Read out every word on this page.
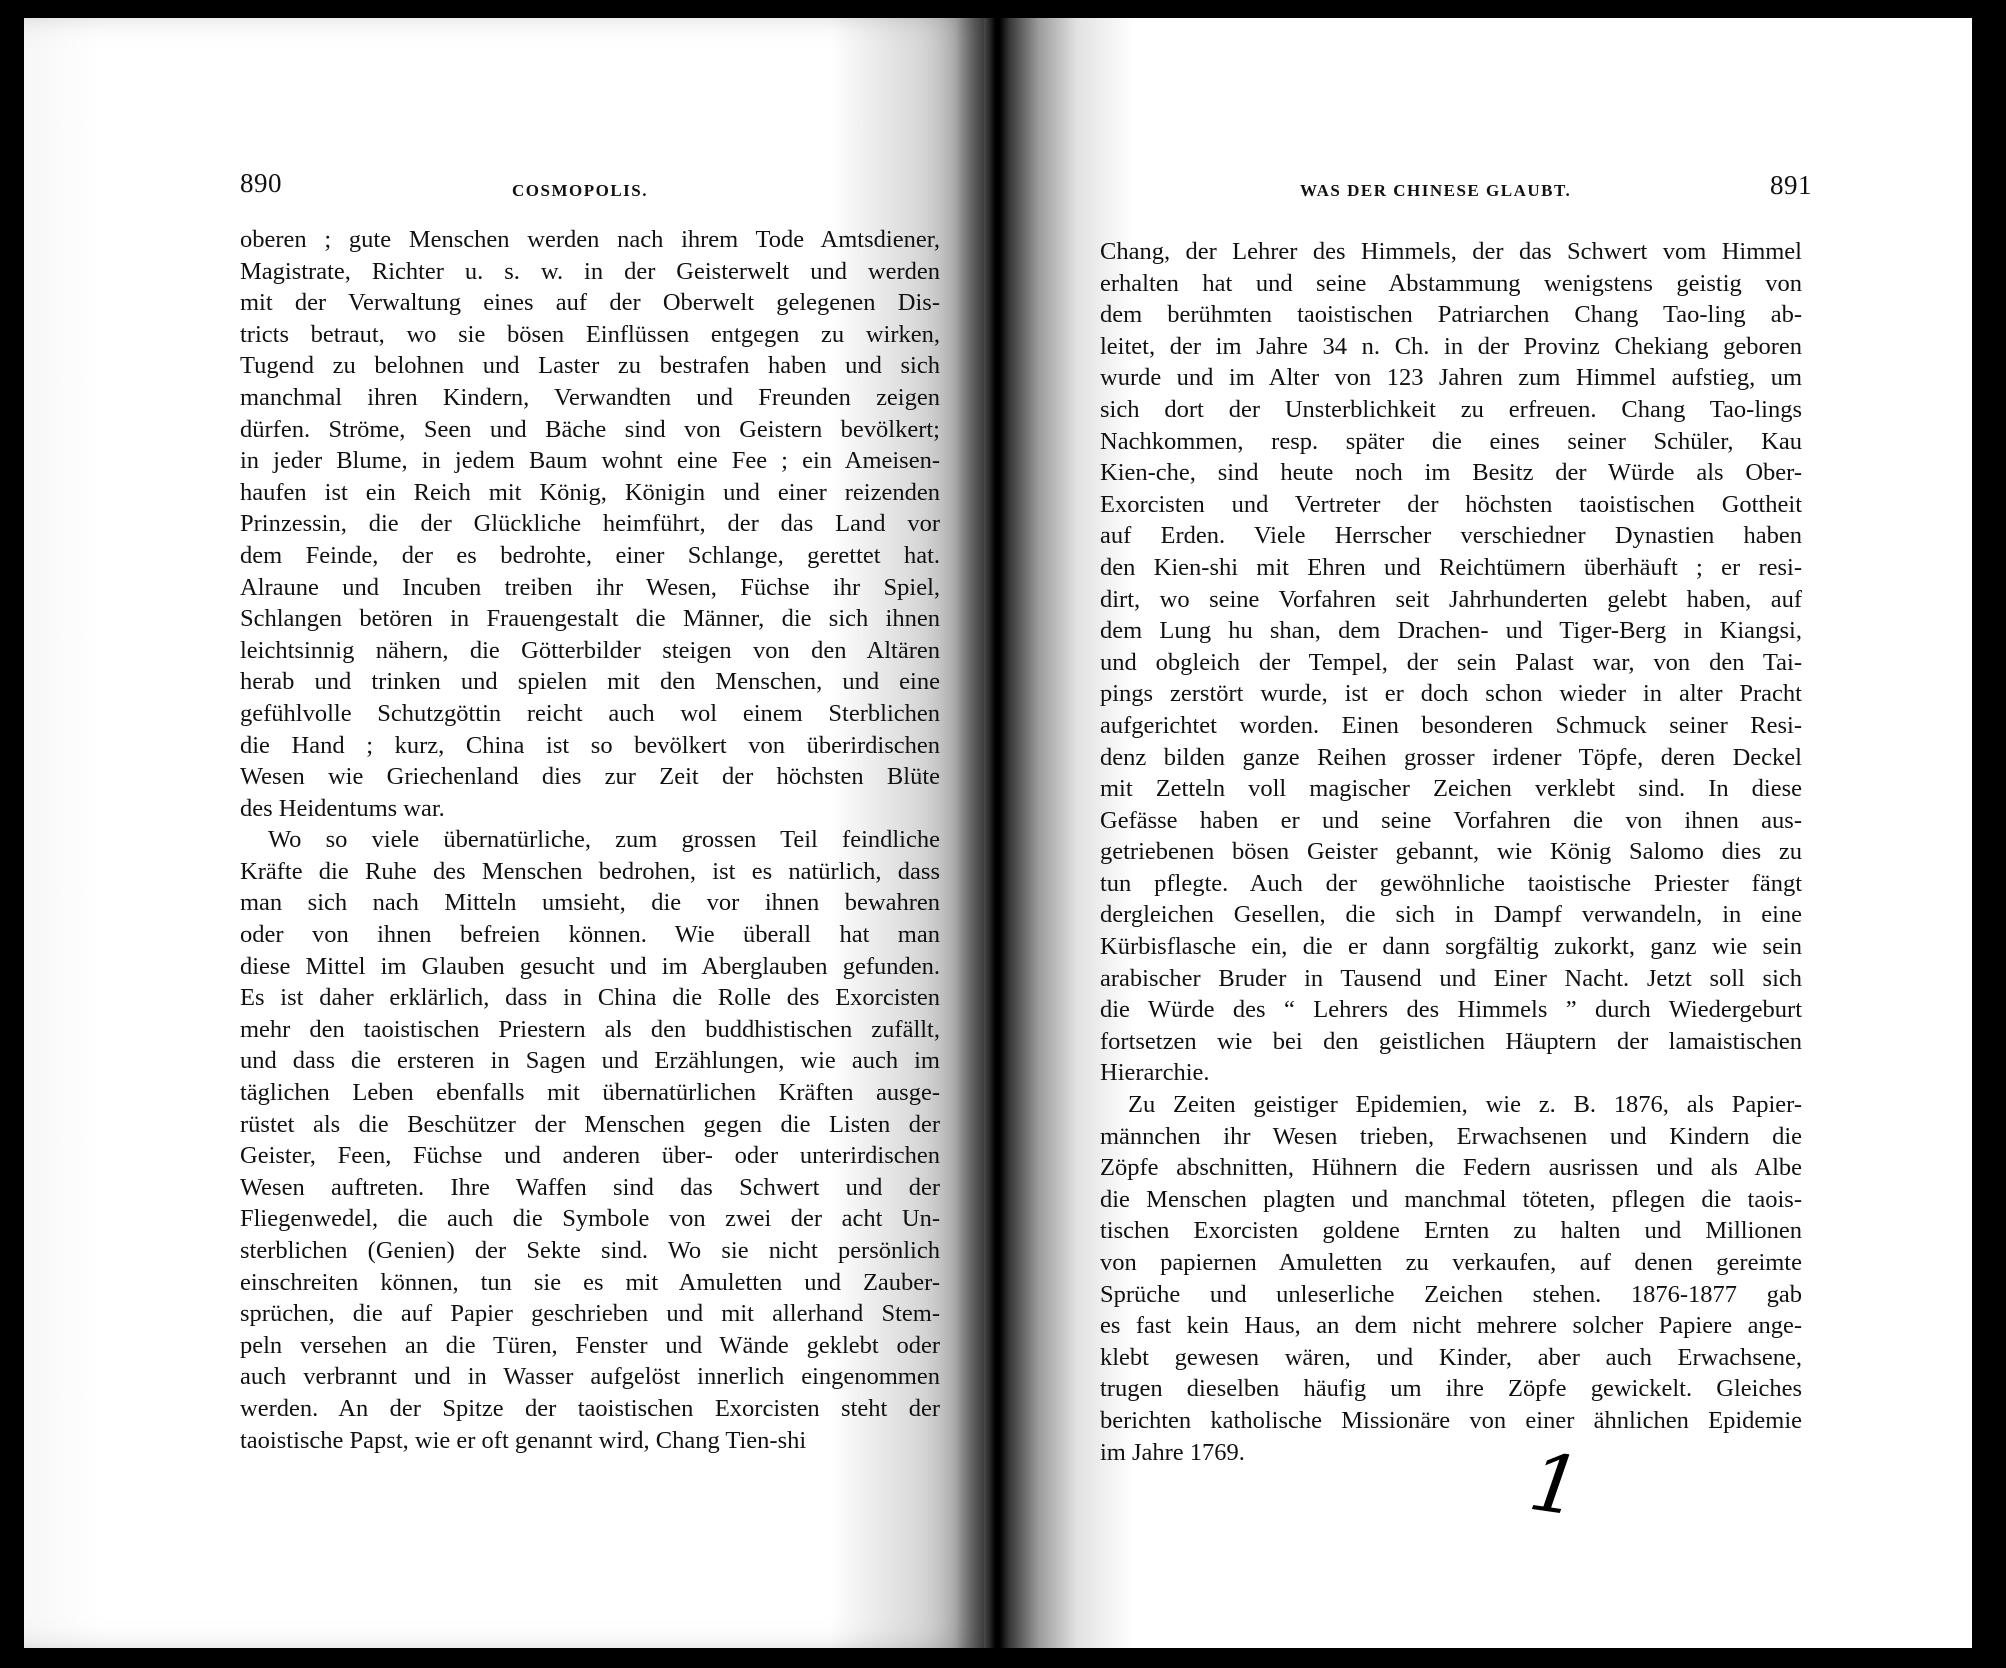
890	COSMOPOLIS.
oberen ; gute Menschen werden nach ihrem Tode Amtsdiener,
Magistrate, Richter u. s. w. in der Geisterwelt und werden
mit der Verwaltung eines auf der Oberwelt gelegenen Dis-
tricts betraut, wo sie bösen Einflüssen entgegen zu wirken,
Tugend zu belohnen und Laster zu bestrafen haben und sich
manchmal ihren Kindern, Verwandten und Freunden zeigen
dürfen. Ströme, Seen und Bäche sind von Geistern bevölkert;
in jeder Blume, in jedem Baum wohnt eine Fee ; ein Ameisen-
haufen ist ein Reich mit König, Königin und einer reizenden
Prinzessin, die der Glückliche heimführt, der das Land vor
dem Feinde, der es bedrohte, einer Schlange, gerettet hat.
Alraune und Incuben treiben ihr Wesen, Füchse ihr Spiel,
Schlangen betören in Frauengestalt die Männer, die sich ihnen
leichtsinnig nähern, die Götterbilder steigen von den Altären
herab und trinken und spielen mit den Menschen, und eine
gefühlvolle Schutzgöttin reicht auch wol einem Sterblichen
die Hand ; kurz, China ist so bevölkert von überirdischen
Wesen wie Griechenland dies zur Zeit der höchsten Blüte
des Heidentums war.
Wo so viele übernatürliche, zum grossen Teil feindliche
Kräfte die Ruhe des Menschen bedrohen, ist es natürlich, dass
man sich nach Mitteln umsieht, die vor ihnen bewahren
oder von ihnen befreien können. Wie überall hat man
diese Mittel im Glauben gesucht und im Aberglauben gefunden.
Es ist daher erklärlich, dass in China die Rolle des Exorcisten
mehr den taoistischen Priestern als den buddhistischen zufällt,
und dass die ersteren in Sagen und Erzählungen, wie auch im
täglichen Leben ebenfalls mit übernatürlichen Kräften ausge-
rüstet als die Beschützer der Menschen gegen die Listen der
Geister, Feen, Füchse und anderen über- oder unterirdischen
Wesen auftreten. Ihre Waffen sind das Schwert und der
Fliegenwedel, die auch die Symbole von zwei der acht Un-
sterblichen (Genien) der Sekte sind. Wo sie nicht persönlich
einschreiten können, tun sie es mit Amuletten und Zauber-
sprüchen, die auf Papier geschrieben und mit allerhand Stem-
peln versehen an die Türen, Fenster und Wände geklebt oder
auch verbrannt und in Wasser aufgelöst innerlich eingenommen
werden. An der Spitze der taoistischen Exorcisten steht der
taoistische Papst, wie er oft genannt wird, Chang Tien-shi
WAS DER CHINESE GLAUBT.	891
Chang, der Lehrer des Himmels, der das Schwert vom Himmel
erhalten hat und seine Abstammung wenigstens geistig von
dem berühmten taoistischen Patriarchen Chang Tao-ling ab-
leitet, der im Jahre 34 n. Ch. in der Provinz Chekiang geboren
wurde und im Alter von 123 Jahren zum Himmel aufstieg, um
sich dort der Unsterblichkeit zu erfreuen. Chang Tao-lings
Nachkommen, resp. später die eines seiner Schüler, Kau
Kien-che, sind heute noch im Besitz der Würde als Ober-
Exorcisten und Vertreter der höchsten taoistischen Gottheit
auf Erden. Viele Herrscher verschiedner Dynastien haben
den Kien-shi mit Ehren und Reichtümern überhäuft ; er resi-
dirt, wo seine Vorfahren seit Jahrhunderten gelebt haben, auf
dem Lung hu shan, dem Drachen- und Tiger-Berg in Kiangsi,
und obgleich der Tempel, der sein Palast war, von den Tai-
pings zerstört wurde, ist er doch schon wieder in alter Pracht
aufgerichtet worden. Einen besonderen Schmuck seiner Resi-
denz bilden ganze Reihen grosser irdener Töpfe, deren Deckel
mit Zetteln voll magischer Zeichen verklebt sind. In diese
Gefässe haben er und seine Vorfahren die von ihnen aus-
getriebenen bösen Geister gebannt, wie König Salomo dies zu
tun pflegte. Auch der gewöhnliche taoistische Priester fängt
dergleichen Gesellen, die sich in Dampf verwandeln, in eine
Kürbisflasche ein, die er dann sorgfältig zukorkt, ganz wie sein
arabischer Bruder in Tausend und Einer Nacht. Jetzt soll sich
die Würde des “ Lehrers des Himmels ” durch Wiedergeburt
fortsetzen wie bei den geistlichen Häuptern der lamaistischen
Hierarchie.
Zu Zeiten geistiger Epidemien, wie z. B. 1876, als Papier-
männchen ihr Wesen trieben, Erwachsenen und Kindern die
Zöpfe abschnitten, Hühnern die Federn ausrissen und als Albe
die Menschen plagten und manchmal töteten, pflegen die taois-
tischen Exorcisten goldene Ernten zu halten und Millionen
von papiernen Amuletten zu verkaufen, auf denen gereimte
Sprüche und unleserliche Zeichen stehen. 1876-1877 gab
es fast kein Haus, an dem nicht mehrere solcher Papiere ange-
klebt gewesen wären, und Kinder, aber auch Erwachsene,
trugen dieselben häufig um ihre Zöpfe gewickelt. Gleiches
berichten katholische Missionäre von einer ähnlichen Epidemie
im Jahre 1769.	1
